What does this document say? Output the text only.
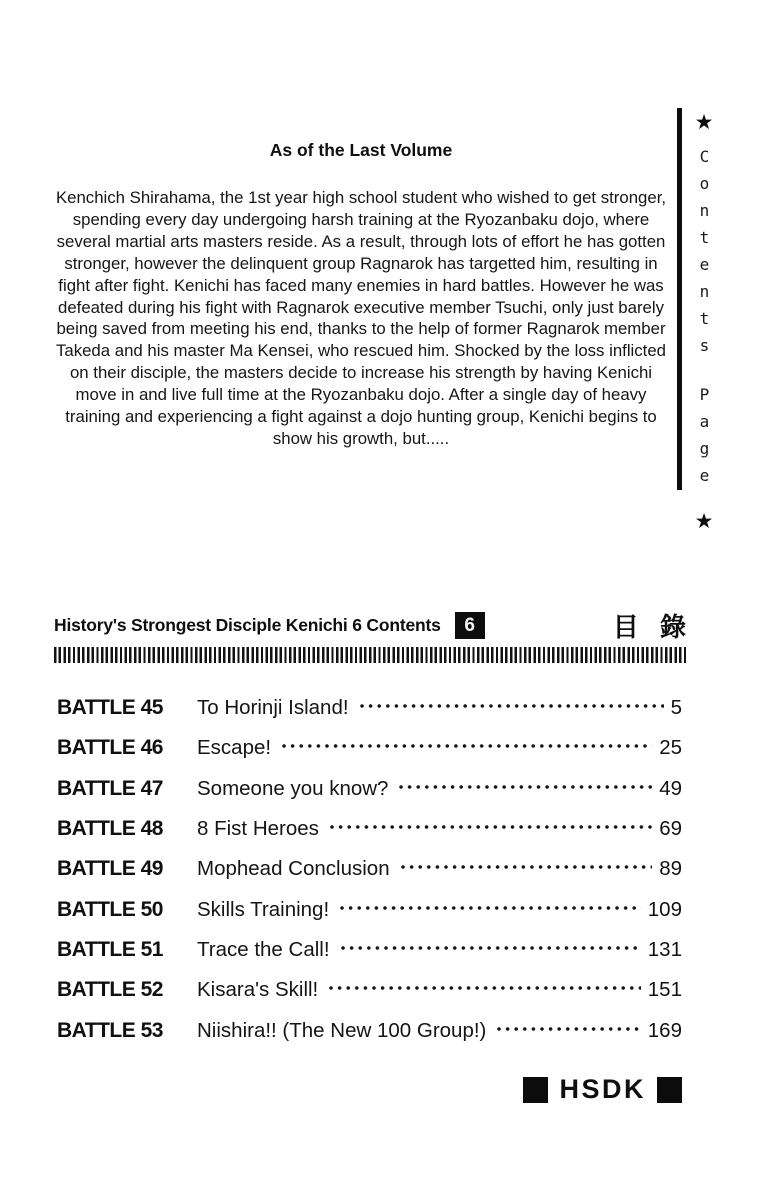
As of the Last Volume

Kenchich Shirahama, the 1st year high school student who wished to get stronger, spending every day undergoing harsh training at the Ryozanbaku dojo, where several martial arts masters reside. As a result, through lots of effort he has gotten stronger, however the delinquent group Ragnarok has targetted him, resulting in fight after fight. Kenichi has faced many enemies in hard battles. However he was defeated during his fight with Ragnarok executive member Tsuchi, only just barely being saved from meeting his end, thanks to the help of former Ragnarok member Takeda and his master Ma Kensei, who rescued him. Shocked by the loss inflicted on their disciple, the masters decide to increase his strength by having Kenichi move in and live full time at the Ryozanbaku dojo. After a single day of heavy training and experiencing a fight against a dojo hunting group, Kenichi begins to show his growth, but.....

★
Contents
Page
★
History's Strongest Disciple Kenichi 6 Contents	6	目 錄
BATTLE 45	To Horinji Island!	5
BATTLE 46	Escape!	25
BATTLE 47	Someone you know?	49
BATTLE 48	8 Fist Heroes	69
BATTLE 49	Mophead Conclusion	89
BATTLE 50	Skills Training!	109
BATTLE 51	Trace the Call!	131
BATTLE 52	Kisara's Skill!	151
BATTLE 53	Niishira!! (The New 100 Group!)	169
HSDK
